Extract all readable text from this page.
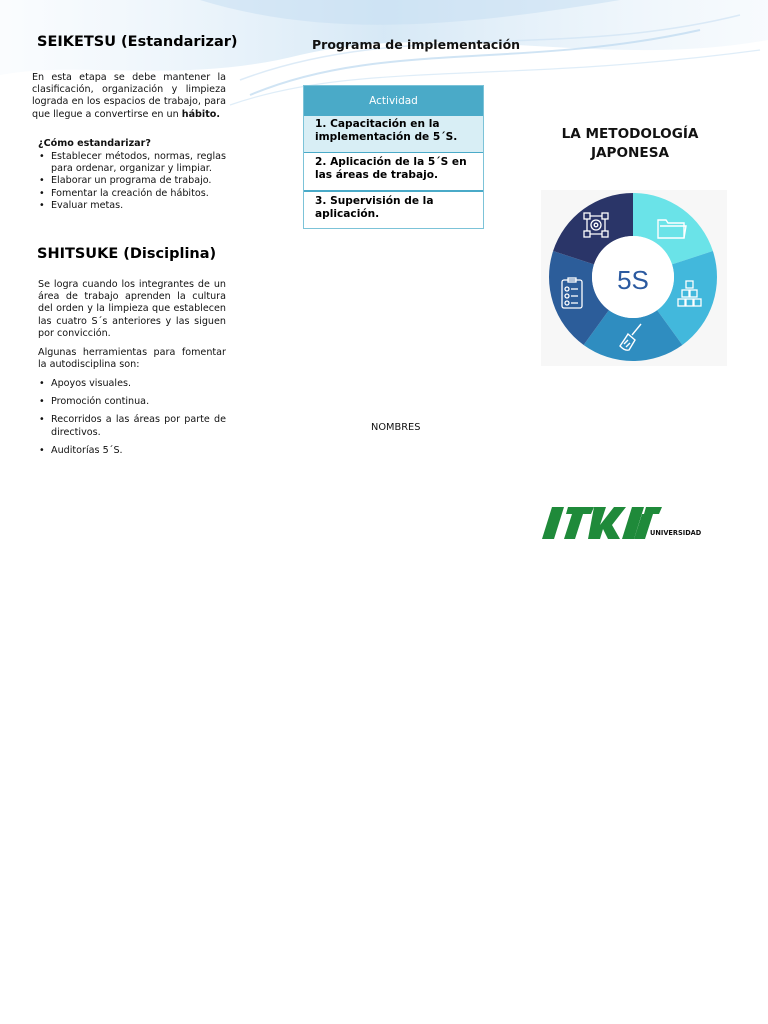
SEIKETSU (Estandarizar)

En esta etapa se debe mantener la clasificación, organización y limpieza lograda en los espacios de trabajo, para que llegue a convertirse en un hábito.

¿Cómo estandarizar?
• Establecer métodos, normas, reglas para ordenar, organizar y limpiar.
• Elaborar un programa de trabajo.
• Fomentar la creación de hábitos.
• Evaluar metas.
SHITSUKE (Disciplina)

Se logra cuando los integrantes de un área de trabajo aprenden la cultura del orden y la limpieza que establecen las cuatro S´s anteriores y las siguen por convicción.

Algunas herramientas para fomentar la autodisciplina son:

• Apoyos visuales.
• Promoción continua.
• Recorridos a las áreas por parte de directivos.
• Auditorías 5´S.
Programa de implementación
Actividad
1. Capacitación en la implementación de 5´S.
2. Aplicación de la 5´S en las áreas de trabajo.
3. Supervisión de la aplicación.
NOMBRES
LA METODOLOGÍA
JAPONESA
5S
UNIVERSIDAD
